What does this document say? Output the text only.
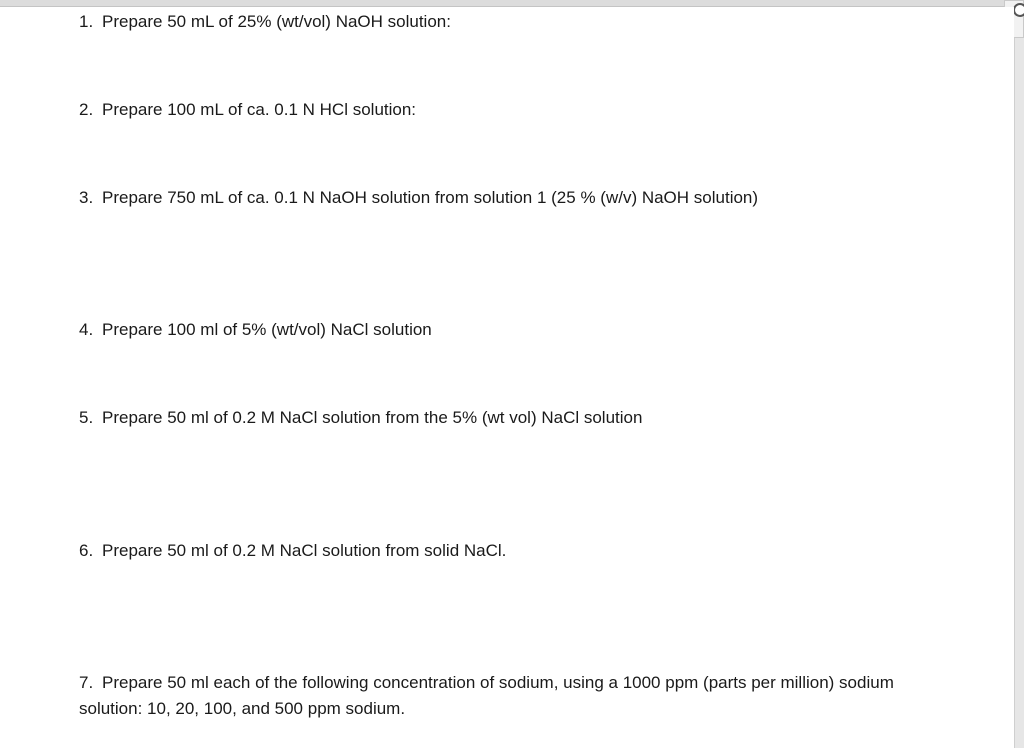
1. Prepare 50 mL of 25% (wt/vol) NaOH solution:
2. Prepare 100 mL of ca. 0.1 N HCl solution:
3. Prepare 750 mL of ca. 0.1 N NaOH solution from solution 1 (25 % (w/v) NaOH solution)
4. Prepare 100 ml of 5% (wt/vol) NaCl solution
5. Prepare 50 ml of 0.2 M NaCl solution from the 5% (wt vol) NaCl solution
6. Prepare 50 ml of 0.2 M NaCl solution from solid NaCl.
7. Prepare 50 ml each of the following concentration of sodium, using a 1000 ppm (parts per million) sodium solution: 10, 20, 100, and 500 ppm sodium.
